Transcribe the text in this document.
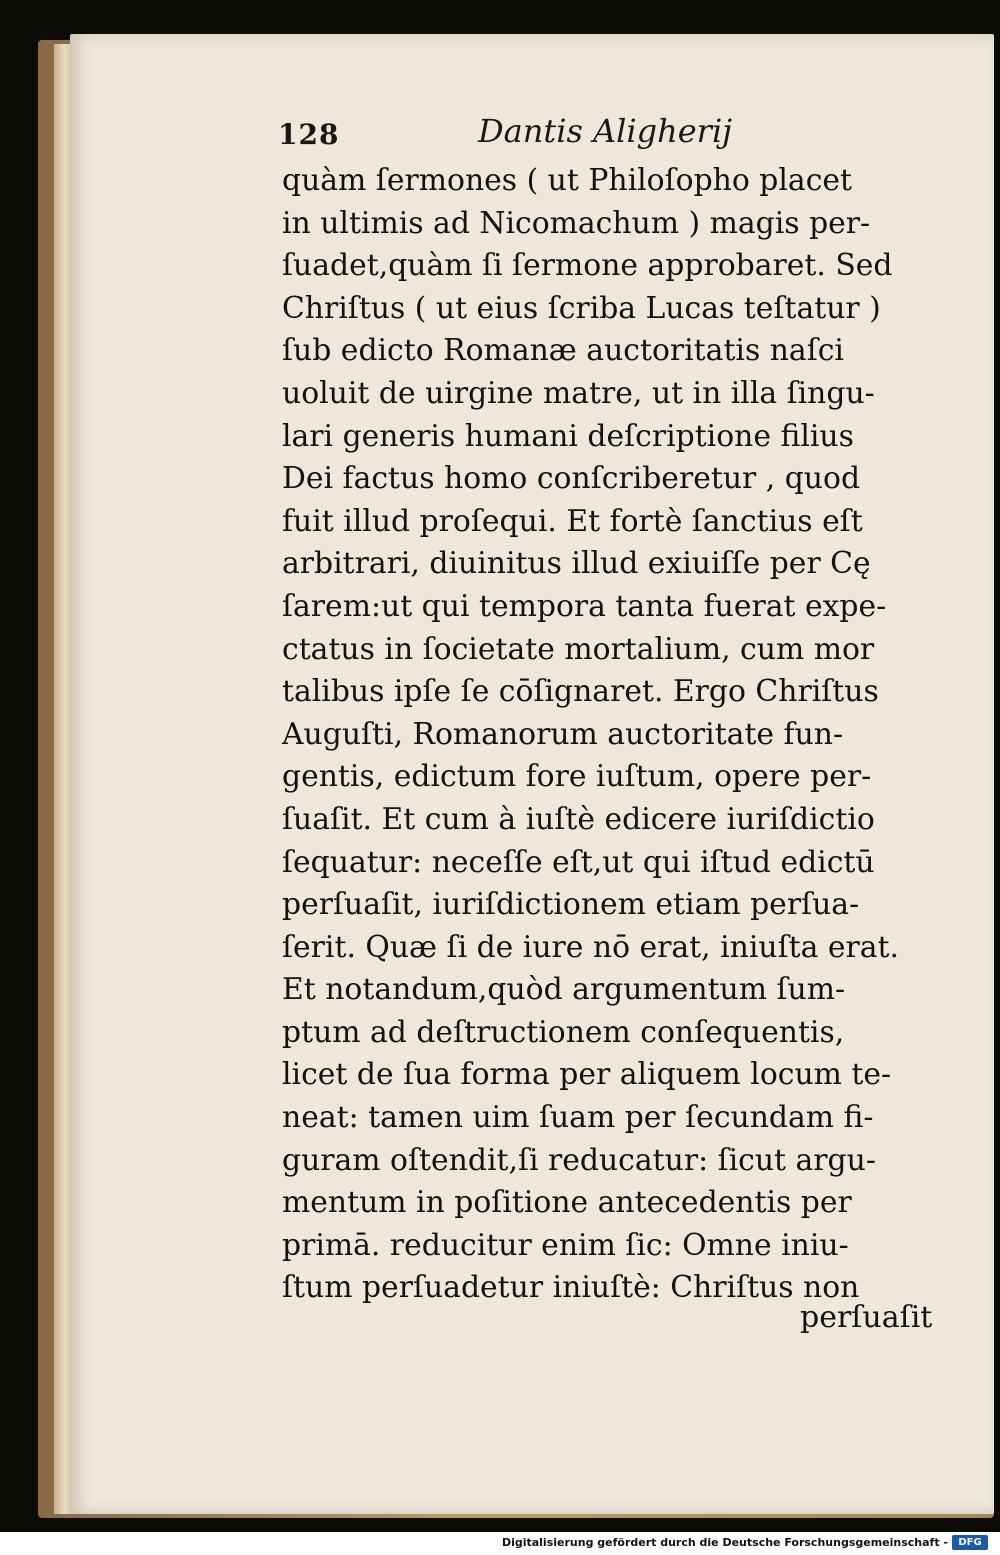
128	Dantis Aligherij
quàm ſermones ( ut Philoſopho placet
in ultimis ad Nicomachum ) magis per-
ſuadet,quàm ſi ſermone approbaret. Sed
Chriſtus ( ut eius ſcriba Lucas teſtatur )
ſub edicto Romanæ auctoritatis naſci
uoluit de uirgine matre, ut in illa ſingu-
lari generis humani deſcriptione filius
Dei factus homo conſcriberetur , quod
fuit illud proſequi. Et fortè ſanctius eſt
arbitrari, diuinitus illud exiuiſſe per Cę
ſarem:ut qui tempora tanta fuerat expe-
ctatus in ſocietate mortalium, cum mor
talibus ipſe ſe cōſignaret. Ergo Chriſtus
Auguſti, Romanorum auctoritate fun-
gentis, edictum fore iuſtum, opere per-
ſuaſit. Et cum à iuſtè edicere iuriſdictio
ſequatur: neceſſe eſt,ut qui iſtud edictū
perſuaſit, iuriſdictionem etiam perſua-
ſerit. Quæ ſi de iure nō erat, iniuſta erat.
Et notandum,quòd argumentum ſum-
ptum ad deſtructionem conſequentis,
licet de ſua forma per aliquem locum te-
neat: tamen uim ſuam per ſecundam fi-
guram oſtendit,ſi reducatur: ſicut argu-
mentum in poſitione antecedentis per
primā. reducitur enim ſic: Omne iniu-
ſtum perſuadetur iniuſtè: Chriſtus non
perſuaſit
Digitalisierung gefördert durch die Deutsche Forschungsgemeinschaft -	DFG
